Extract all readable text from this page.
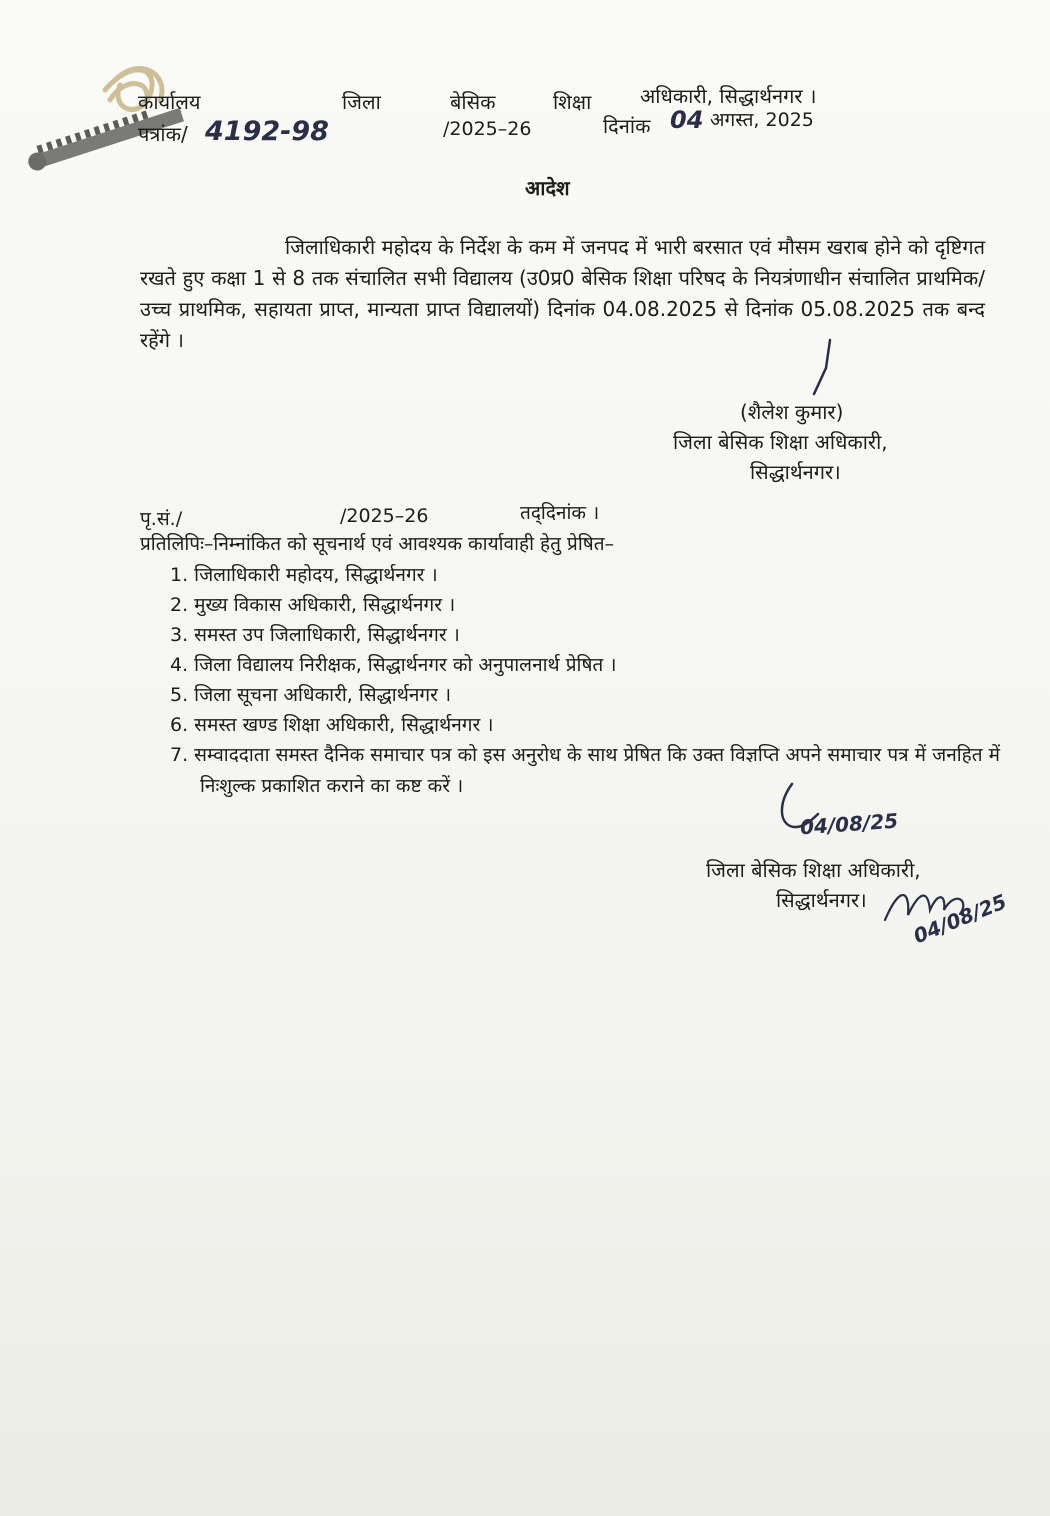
कार्यालय	जिला	बेसिक	शिक्षा अधिकारी, सिद्धार्थनगर ।
पत्रांक/ 4192-98	/2025–26	दिनांक 04 अगस्त, 2025
आदेश
जिलाधिकारी महोदय के निर्देश के कम में जनपद में भारी बरसात एवं मौसम खराब होने को दृष्टिगत रखते हुए कक्षा 1 से 8 तक संचालित सभी विद्यालय (उ0प्र0 बेसिक शिक्षा परिषद के नियत्रंणाधीन संचालित प्राथमिक/उच्च प्राथमिक, सहायता प्राप्त, मान्यता प्राप्त विद्यालयों) दिनांक 04.08.2025 से दिनांक 05.08.2025 तक बन्द रहेंगे ।
(शैलेश कुमार)
जिला बेसिक शिक्षा अधिकारी,
सिद्धार्थनगर।
पृ.सं./	/2025–26	तद्‌दिनांक ।
प्रतिलिपिः–निम्नांकित को सूचनार्थ एवं आवश्यक कार्यावाही हेतु प्रेषित–
1. जिलाधिकारी महोदय, सिद्धार्थनगर ।
2. मुख्य विकास अधिकारी, सिद्धार्थनगर ।
3. समस्त उप जिलाधिकारी, सिद्धार्थनगर ।
4. जिला विद्यालय निरीक्षक, सिद्धार्थनगर को अनुपालनार्थ प्रेषित ।
5. जिला सूचना अधिकारी, सिद्धार्थनगर ।
6. समस्त खण्ड शिक्षा अधिकारी, सिद्धार्थनगर ।
7. सम्वाददाता समस्त दैनिक समाचार पत्र को इस अनुरोध के साथ प्रेषित कि उक्त विज्ञप्ति अपने समाचार पत्र में जनहित में निःशुल्क प्रकाशित कराने का कष्ट करें ।
04/08/25
जिला बेसिक शिक्षा अधिकारी,
सिद्धार्थनगर। 04/08/25
